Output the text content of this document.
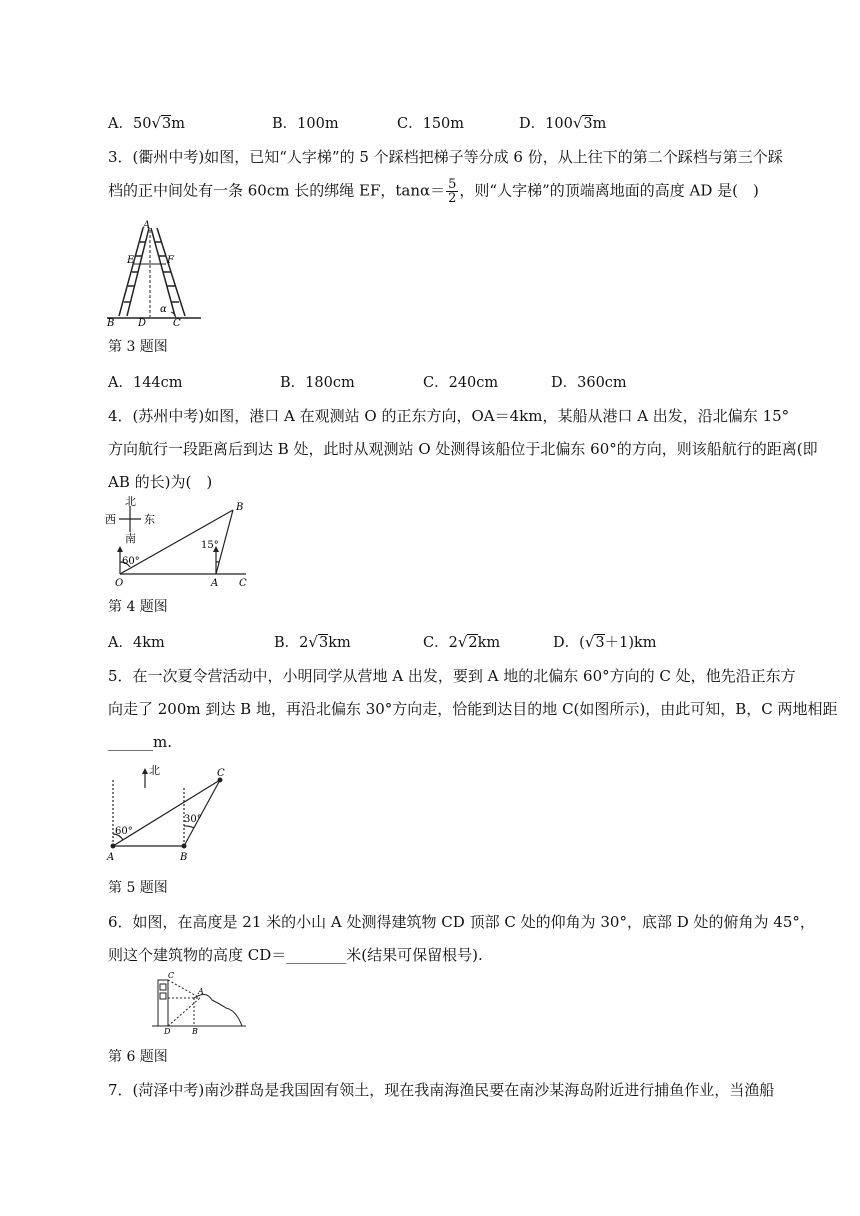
A．50√3m	B．100m	C．150m	D．100√3m
3．(衢州中考)如图，已知“人字梯”的 5 个踩档把梯子等分成 6 份，从上往下的第二个踩档与第三个踩
档的正中间处有一条 60cm 长的绑绳 EF，$\tan\alpha= \frac{5}{2}$ ，则“人字梯”的顶端离地面的高度 AD 是(　)
A
E	F
B D	C
α
第 3 题图
A．144cm	B．180cm	C．240cm	D．360cm
4．(苏州中考)如图，港口 A 在观测站 O 的正东方向，OA＝4km，某船从港口 A 出发，沿北偏东 15°
方向航行一段距离后到达 B 处，此时从观测站 O 处测得该船位于北偏东 60°的方向，则该船航行的距离(即
AB 的长)为(　)
北
西	东
南
60°
15°
O	A
B
C
第 4 题图
A．4km	B．2√3km	C．2√2km	D．(√3＋1)km
5．在一次夏令营活动中，小明同学从营地 A 出发，要到 A 地的北偏东 60°方向的 C 处，他先沿正东方
向走了 200m 到达 B 地，再沿北偏东 30°方向走，恰能到达目的地 C(如图所示)，由此可知，B，C 两地相距
______m.
北
60°
30°
A	B
C
第 5 题图
6．如图，在高度是 21 米的小山 A 处测得建筑物 CD 顶部 C 处的仰角为 30°，底部 D 处的俯角为 45°，
则这个建筑物的高度 CD＝________米(结果可保留根号).
C
A
D	B
第 6 题图
7．(菏泽中考)南沙群岛是我国固有领土，现在我南海渔民要在南沙某海岛附近进行捕鱼作业，当渔船
